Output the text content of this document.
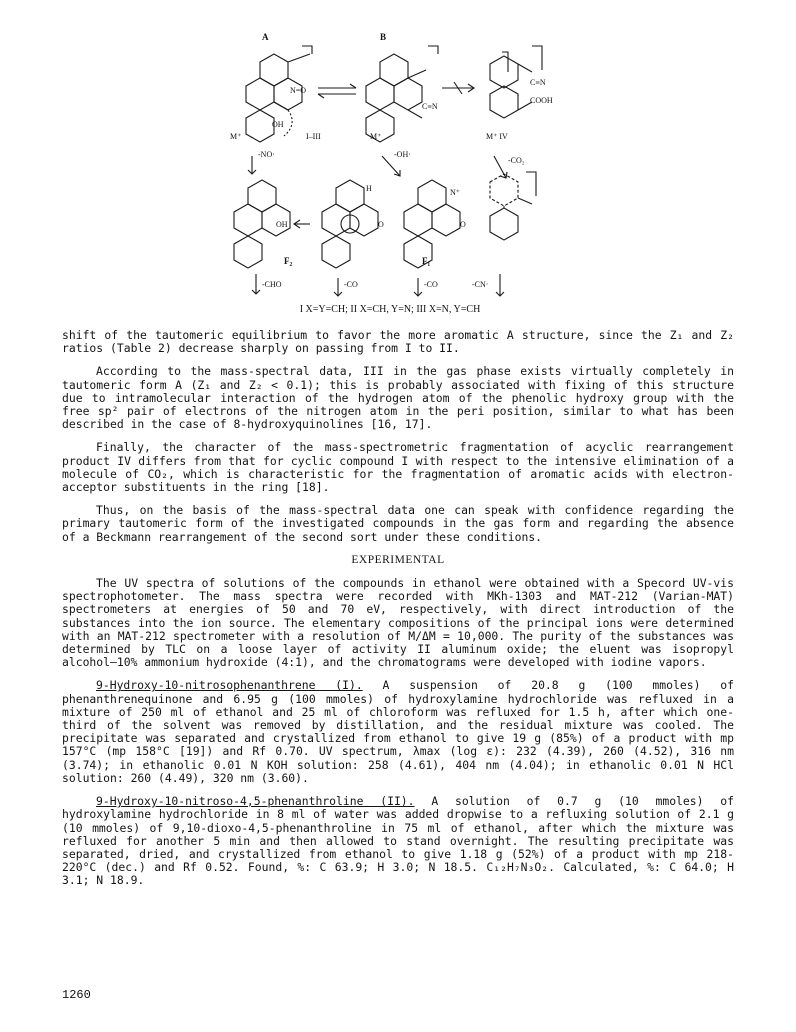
A	B
N=O
OH
C≡N
C≡N
COOH
M⁺	I–III	M⁺	M⁺ IV
-NO·	-OH·
-CO₂
OH
H
O
N⁺
O
F₂	F₁
-CHO	-CO	-CO	-CN·
I X=Y=CH; II X=CH, Y=N; III X=N, Y=CH

shift of the tautomeric equilibrium to favor the more aromatic A structure, since the Z₁ and Z₂ ratios (Table 2) decrease sharply on passing from I to II.

According to the mass-spectral data, III in the gas phase exists virtually completely in tautomeric form A (Z₁ and Z₂ < 0.1); this is probably associated with fixing of this structure due to intramolecular interaction of the hydrogen atom of the phenolic hydroxy group with the free sp² pair of electrons of the nitrogen atom in the peri position, similar to what has been described in the case of 8-hydroxyquinolines [16, 17].

Finally, the character of the mass-spectrometric fragmentation of acyclic rearrangement product IV differs from that for cyclic compound I with respect to the intensive elimination of a molecule of CO₂, which is characteristic for the fragmentation of aromatic acids with electron-acceptor substituents in the ring [18].

Thus, on the basis of the mass-spectral data one can speak with confidence regarding the primary tautomeric form of the investigated compounds in the gas form and regarding the absence of a Beckmann rearrangement of the second sort under these conditions.

EXPERIMENTAL

The UV spectra of solutions of the compounds in ethanol were obtained with a Specord UV-vis spectrophotometer. The mass spectra were recorded with MKh-1303 and MAT-212 (Varian-MAT) spectrometers at energies of 50 and 70 eV, respectively, with direct introduction of the substances into the ion source. The elementary compositions of the principal ions were determined with an MAT-212 spectrometer with a resolution of M/ΔM = 10,000. The purity of the substances was determined by TLC on a loose layer of activity II aluminum oxide; the eluent was isopropyl alcohol–10% ammonium hydroxide (4:1), and the chromatograms were developed with iodine vapors.

9-Hydroxy-10-nitrosophenanthrene (I). A suspension of 20.8 g (100 mmoles) of phenanthrenequinone and 6.95 g (100 mmoles) of hydroxylamine hydrochloride was refluxed in a mixture of 250 ml of ethanol and 25 ml of chloroform was refluxed for 1.5 h, after which one-third of the solvent was removed by distillation, and the residual mixture was cooled. The precipitate was separated and crystallized from ethanol to give 19 g (85%) of a product with mp 157°C (mp 158°C [19]) and Rf 0.70. UV spectrum, λmax (log ε): 232 (4.39), 260 (4.52), 316 nm (3.74); in ethanolic 0.01 N KOH solution: 258 (4.61), 404 nm (4.04); in ethanolic 0.01 N HCl solution: 260 (4.49), 320 nm (3.60).

9-Hydroxy-10-nitroso-4,5-phenanthroline (II). A solution of 0.7 g (10 mmoles) of hydroxylamine hydrochloride in 8 ml of water was added dropwise to a refluxing solution of 2.1 g (10 mmoles) of 9,10-dioxo-4,5-phenanthroline in 75 ml of ethanol, after which the mixture was refluxed for another 5 min and then allowed to stand overnight. The resulting precipitate was separated, dried, and crystallized from ethanol to give 1.18 g (52%) of a product with mp 218-220°C (dec.) and Rf 0.52. Found, %: C 63.9; H 3.0; N 18.5. C₁₂H₇N₃O₂. Calculated, %: C 64.0; H 3.1; N 18.9.

1260
